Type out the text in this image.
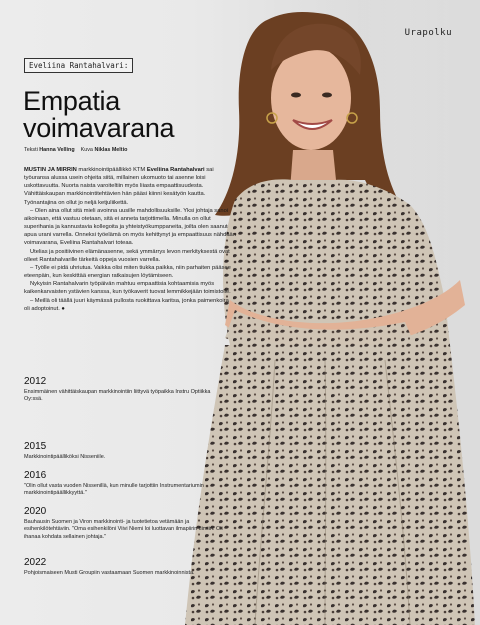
Urapolku
Eveliina Rantahalvari:
Empatia
voimavarana
Teksti Hanna Velling Kuva Niklas Meltio

MUSTIN JA MIRRIN markkinointipäällikkö KTM Eveliina Rantahalvari sai työuransa alussa usein ohjeita siitä, millainen ukomuoto tai asenne loisi uskottavuutta. Nuorta naista varoiteltiin myös liiasta empaattisuudesta. Vähittäiskaupan markkinointitehtävien hän pääsi kiinni kesätyön kautta. Työnantajina on ollut jo neljä ketjuliikettä.

– Olen aina ollut sitä mieli avoinna uusille mahdollisuuksille. Yksi johtaja sanoi aikoinaan, että vastuu otetaan, sitä ei anneta tarjottimella. Minulla on ollut superihania ja kannustavia kollegoita ja yhteistyökumppaneita, joilta olen saanut apua urani varrella. Onneksi työelämä on myös kehittynyt ja empaattisuus nähdään voimavarana, Eveliina Rantahalvari toteaa.

Utelias ja positiivinen elämänasenne, sekä ymmärrys levon merkityksestä ovat olleet Rantahalvarille tärkeitä oppeja vuosien varrella.

– Työlle ei pidä uhriutua. Vaikka olisi miten tiukka paikka, niin parhaiten pääsee eteenpäin, kun keskittää energian ratkaisujen löytämiseen.

Nykyisin Rantahalvarin työpäivän mahtuu empaattisia kohtaamisia myös kaikenkarvaisten ystävien kanssa, kun työkaverit tuovat lemmikkejään toimistolle.

– Meillä oli täällä juuri käymässä pullosta ruokittava karitsa, jonka paimenkoira oli adoptoinut. ●

2012
Ensimmäinen vähittäiskaupan markkinointiin liittyvä työpaikka Instru Optiikka Oy:ssä.
2015
Markkinointipäälliköksi Nisseniile.
2016
"Olin ollut vasta vuoden Nissenillä, kun minulle tarjottiin Instrumentariumin markkinointipäällikkyyttä."
2020
Bauhausin Suomen ja Viron markkinointi- ja tuotetietoa vetämään ja esihenkilötehtäviin. "Oma esihenkilöni Viivi Niemi loi luottavan ilmapiirin tiimiin. Oli ihanaa kohdata sellainen johtaja."
2022
Pohjoismaiseen Musti Groupiin vastaamaan Suomen markkinoinnista.
